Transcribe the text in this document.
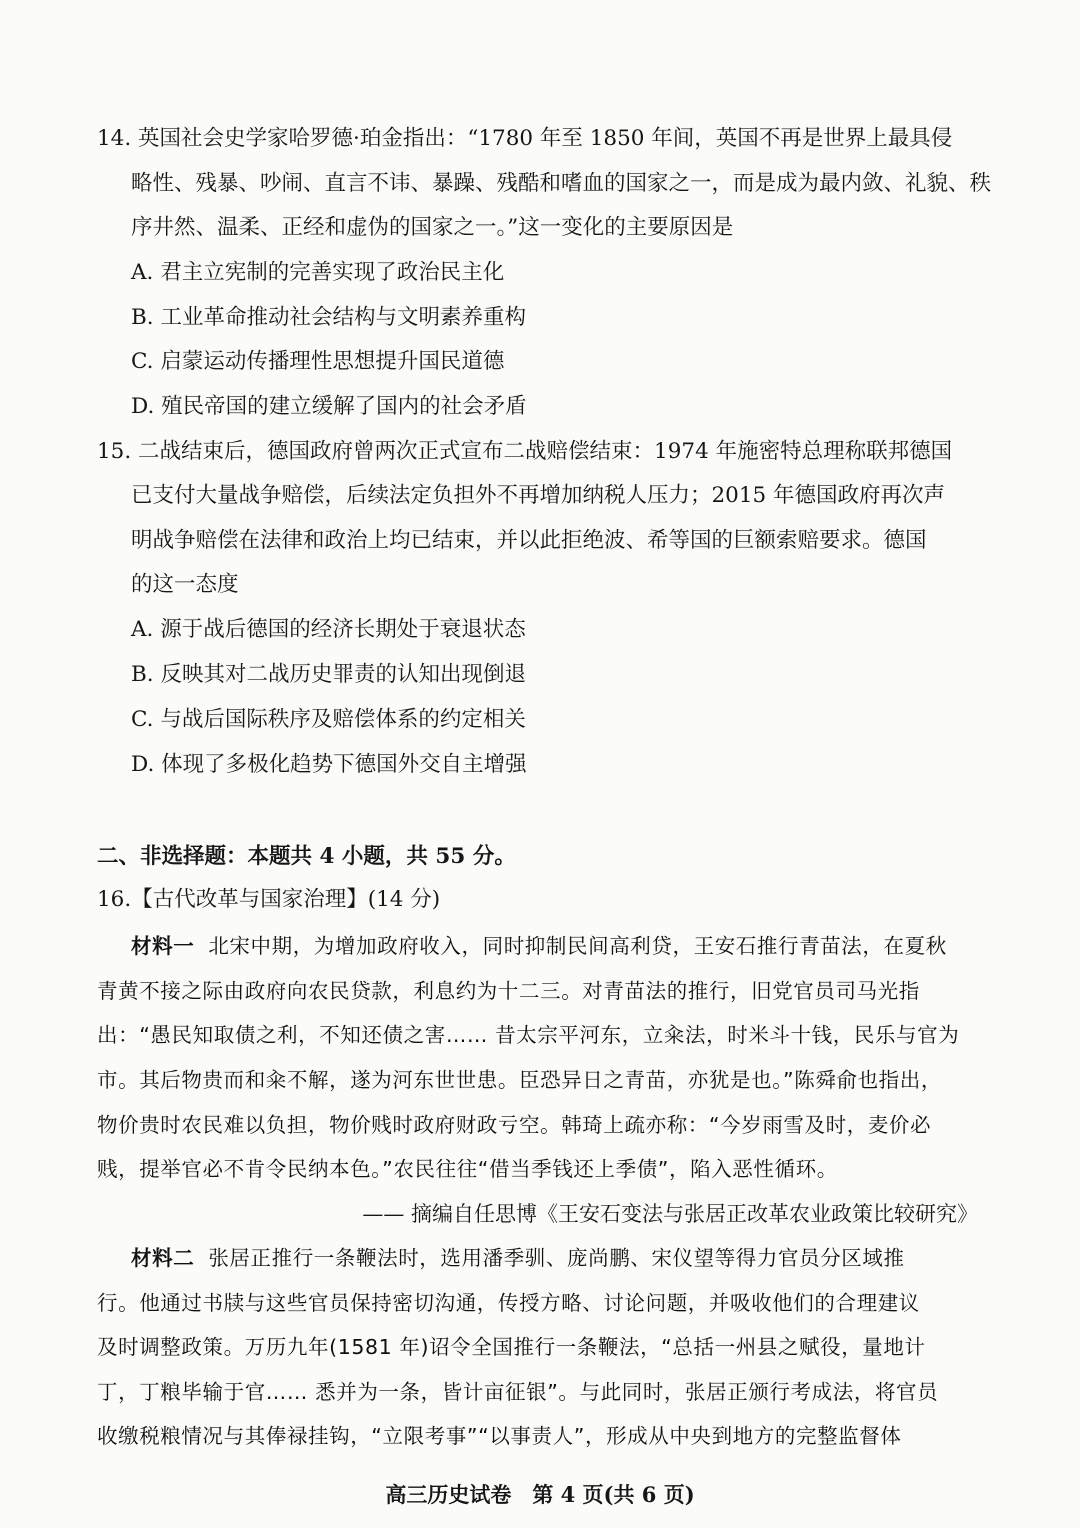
14. 英国社会史学家哈罗德·珀金指出：“1780 年至 1850 年间，英国不再是世界上最具侵
略性、残暴、吵闹、直言不讳、暴躁、残酷和嗜血的国家之一，而是成为最内敛、礼貌、秩
序井然、温柔、正经和虚伪的国家之一。”这一变化的主要原因是
A. 君主立宪制的完善实现了政治民主化
B. 工业革命推动社会结构与文明素养重构
C. 启蒙运动传播理性思想提升国民道德
D. 殖民帝国的建立缓解了国内的社会矛盾
15. 二战结束后，德国政府曾两次正式宣布二战赔偿结束：1974 年施密特总理称联邦德国
已支付大量战争赔偿，后续法定负担外不再增加纳税人压力；2015 年德国政府再次声
明战争赔偿在法律和政治上均已结束，并以此拒绝波、希等国的巨额索赔要求。德国
的这一态度
A. 源于战后德国的经济长期处于衰退状态
B. 反映其对二战历史罪责的认知出现倒退
C. 与战后国际秩序及赔偿体系的约定相关
D. 体现了多极化趋势下德国外交自主增强
二、非选择题：本题共 4 小题，共 55 分。
16.【古代改革与国家治理】(14 分)
材料一 北宋中期，为增加政府收入，同时抑制民间高利贷，王安石推行青苗法，在夏秋
青黄不接之际由政府向农民贷款，利息约为十二三。对青苗法的推行，旧党官员司马光指
出：“愚民知取债之利，不知还债之害…… 昔太宗平河东，立籴法，时米斗十钱，民乐与官为
市。其后物贵而和籴不解，遂为河东世世患。臣恐异日之青苗，亦犹是也。”陈舜俞也指出，
物价贵时农民难以负担，物价贱时政府财政亏空。韩琦上疏亦称：“今岁雨雪及时，麦价必
贱，提举官必不肯令民纳本色。”农民往往“借当季钱还上季债”，陷入恶性循环。
—— 摘编自任思博《王安石变法与张居正改革农业政策比较研究》
材料二 张居正推行一条鞭法时，选用潘季驯、庞尚鹏、宋仪望等得力官员分区域推
行。他通过书牍与这些官员保持密切沟通，传授方略、讨论问题，并吸收他们的合理建议
及时调整政策。万历九年(1581 年)诏令全国推行一条鞭法，“总括一州县之赋役，量地计
丁，丁粮毕输于官…… 悉并为一条，皆计亩征银”。与此同时，张居正颁行考成法，将官员
收缴税粮情况与其俸禄挂钩，“立限考事”“以事责人”，形成从中央到地方的完整监督体
高三历史试卷　第 4 页(共 6 页)
